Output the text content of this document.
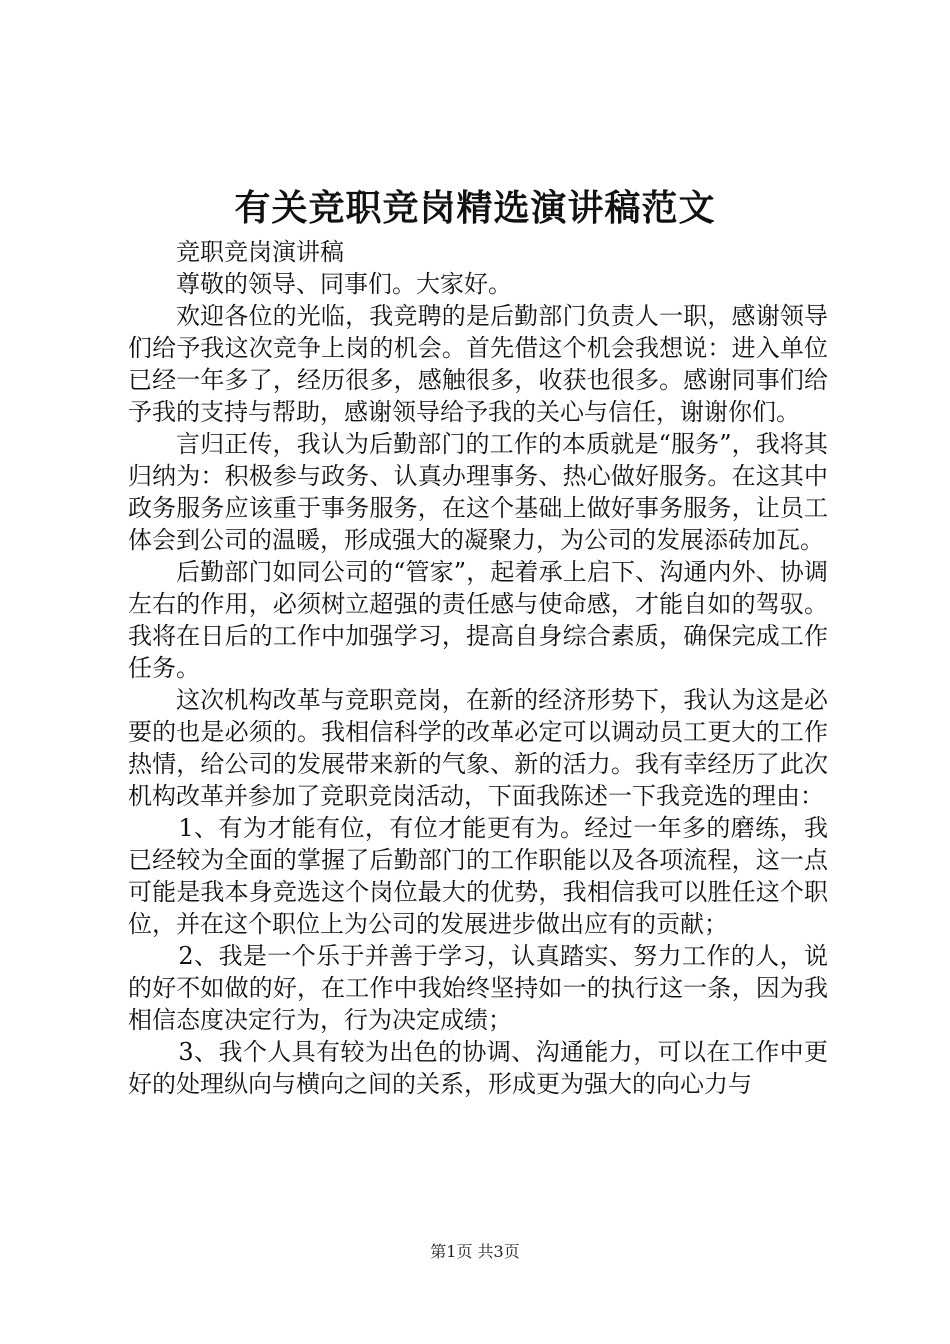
有关竞职竞岗精选演讲稿范文

竞职竞岗演讲稿

尊敬的领导、同事们。大家好。

欢迎各位的光临，我竞聘的是后勤部门负责人一职，感谢领导们给予我这次竞争上岗的机会。首先借这个机会我想说：进入单位已经一年多了，经历很多，感触很多，收获也很多。感谢同事们给予我的支持与帮助，感谢领导给予我的关心与信任，谢谢你们。

言归正传，我认为后勤部门的工作的本质就是“服务”，我将其归纳为：积极参与政务、认真办理事务、热心做好服务。在这其中政务服务应该重于事务服务，在这个基础上做好事务服务，让员工体会到公司的温暖，形成强大的凝聚力，为公司的发展添砖加瓦。

后勤部门如同公司的“管家”，起着承上启下、沟通内外、协调左右的作用，必须树立超强的责任感与使命感，才能自如的驾驭。我将在日后的工作中加强学习，提高自身综合素质，确保完成工作任务。

这次机构改革与竞职竞岗，在新的经济形势下，我认为这是必要的也是必须的。我相信科学的改革必定可以调动员工更大的工作热情，给公司的发展带来新的气象、新的活力。我有幸经历了此次机构改革并参加了竞职竞岗活动，下面我陈述一下我竞选的理由：

1、有为才能有位，有位才能更有为。经过一年多的磨练，我已经较为全面的掌握了后勤部门的工作职能以及各项流程，这一点可能是我本身竞选这个岗位最大的优势，我相信我可以胜任这个职位，并在这个职位上为公司的发展进步做出应有的贡献；

2、我是一个乐于并善于学习，认真踏实、努力工作的人，说的好不如做的好，在工作中我始终坚持如一的执行这一条，因为我相信态度决定行为，行为决定成绩；

3、我个人具有较为出色的协调、沟通能力，可以在工作中更好的处理纵向与横向之间的关系，形成更为强大的向心力与

第1页 共3页
